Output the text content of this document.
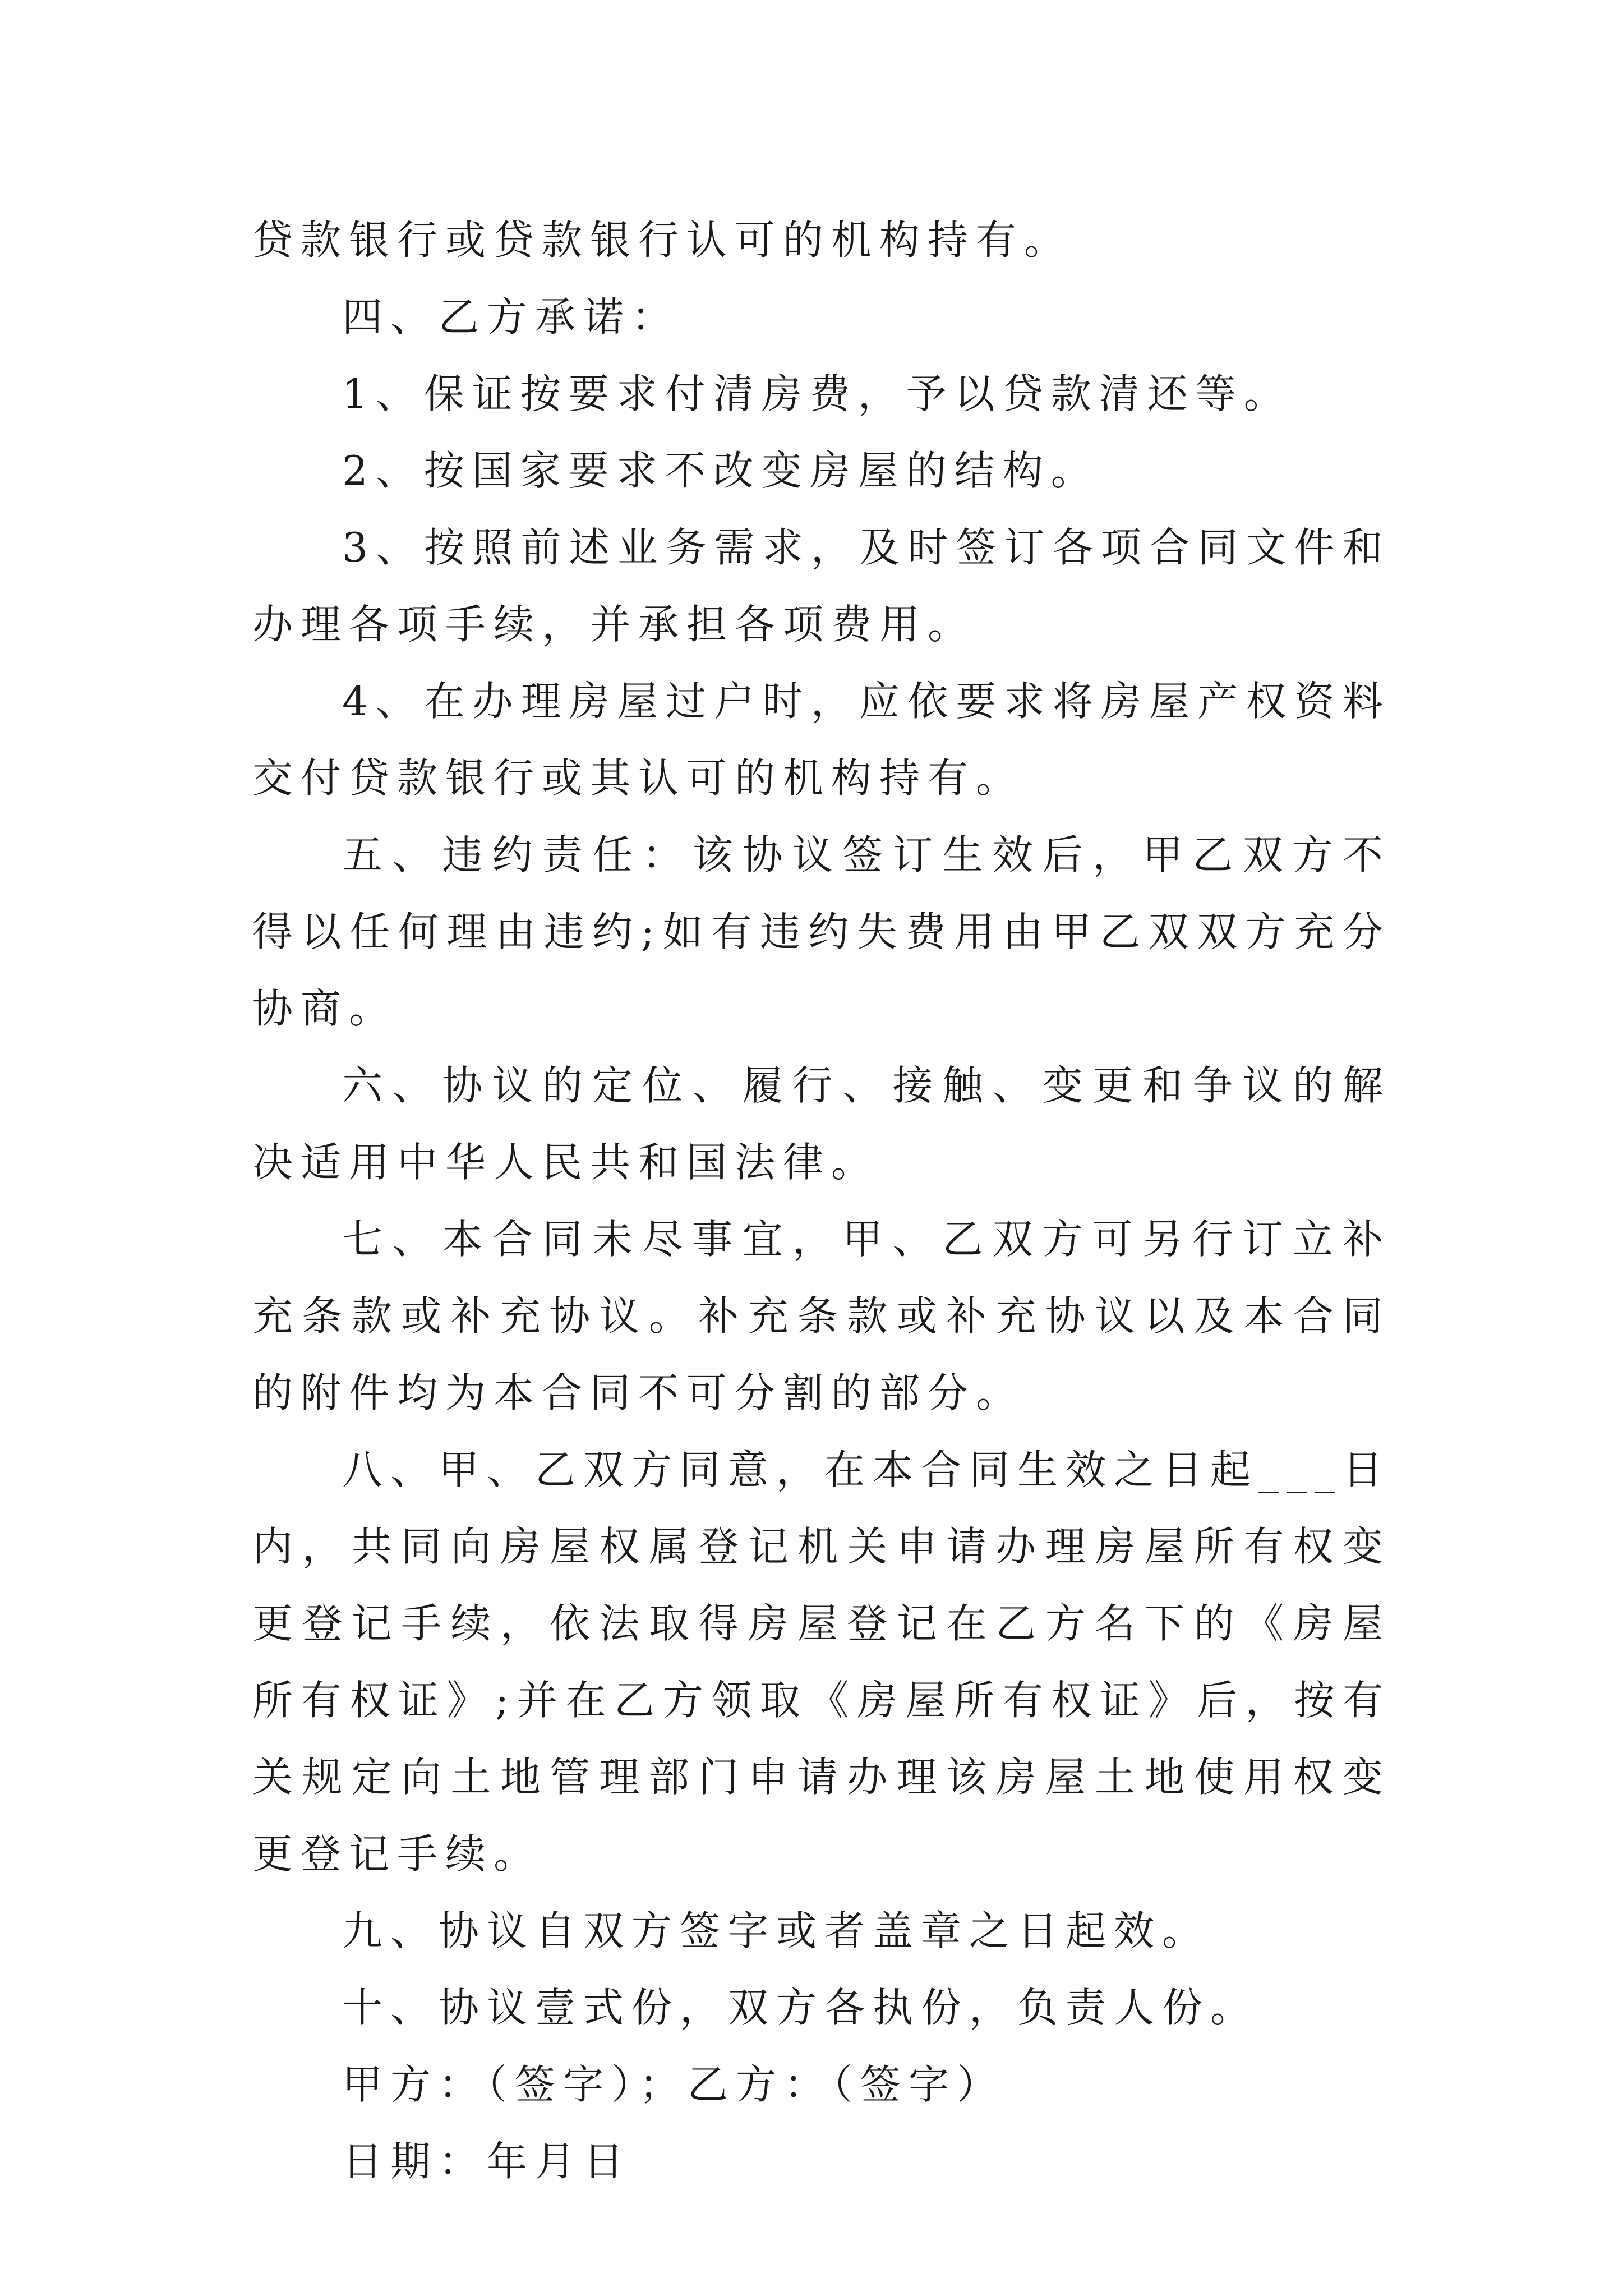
贷款银行或贷款银行认可的机构持有。

四、乙方承诺：

1、保证按要求付清房费，予以贷款清还等。

2、按国家要求不改变房屋的结构。

3、按照前述业务需求，及时签订各项合同文件和办理各项手续，并承担各项费用。

4、在办理房屋过户时，应依要求将房屋产权资料交付贷款银行或其认可的机构持有。

五、违约责任：该协议签订生效后，甲乙双方不得以任何理由违约;如有违约失费用由甲乙双双方充分协商。

六、协议的定位、履行、接触、变更和争议的解决适用中华人民共和国法律。

七、本合同未尽事宜，甲、乙双方可另行订立补充条款或补充协议。补充条款或补充协议以及本合同的附件均为本合同不可分割的部分。

八、甲、乙双方同意，在本合同生效之日起___日内，共同向房屋权属登记机关申请办理房屋所有权变更登记手续，依法取得房屋登记在乙方名下的《房屋所有权证》;并在乙方领取《房屋所有权证》后，按有关规定向土地管理部门申请办理该房屋土地使用权变更登记手续。

九、协议自双方签字或者盖章之日起效。

十、协议壹式份，双方各执份，负责人份。

甲方：（签字）；乙方：（签字）

日期：年月日
